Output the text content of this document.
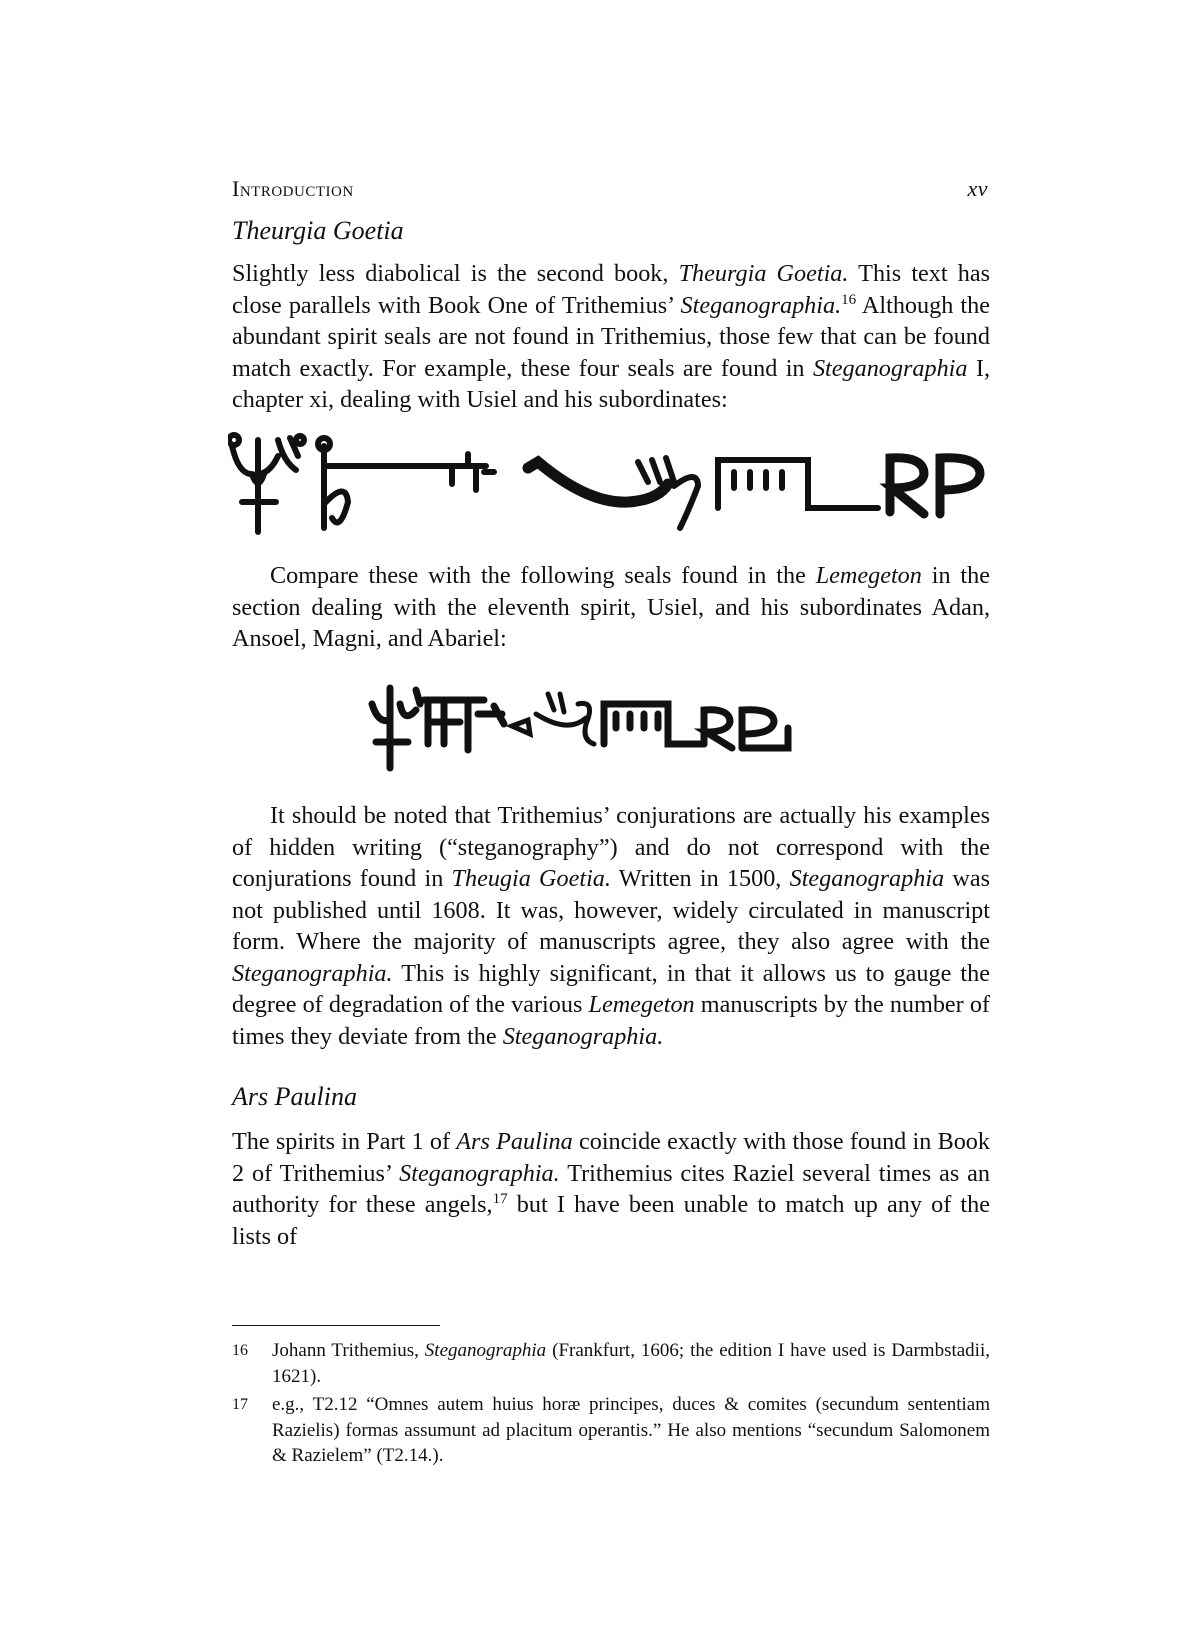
Introduction	xv
Theurgia Goetia

Slightly less diabolical is the second book, Theurgia Goetia. This text has close parallels with Book One of Trithemius’ Steganographia.$^{16}$ Although the abundant spirit seals are not found in Trithemius, those few that can be found match exactly. For example, these four seals are found in Steganographia I, chapter xi, dealing with Usiel and his subordinates:

Compare these with the following seals found in the Lemegeton in the section dealing with the eleventh spirit, Usiel, and his subordinates Adan, Ansoel, Magni, and Abariel:

It should be noted that Trithemius’ conjurations are actually his examples of hidden writing (“steganography”) and do not correspond with the conjurations found in Theugia Goetia. Written in 1500, Steganographia was not published until 1608. It was, however, widely circulated in manuscript form. Where the majority of manuscripts agree, they also agree with the Steganographia. This is highly significant, in that it allows us to gauge the degree of degradation of the various Lemegeton manuscripts by the number of times they deviate from the Steganographia.

Ars Paulina

The spirits in Part 1 of Ars Paulina coincide exactly with those found in Book 2 of Trithemius’ Steganographia. Trithemius cites Raziel several times as an authority for these angels,$^{17}$ but I have been unable to match up any of the lists of

16 Johann Trithemius, Steganographia (Frankfurt, 1606; the edition I have used is Darmbstadii, 1621).
17 e.g., T2.12 “Omnes autem huius horæ principes, duces & comites (secundum sententiam Razielis) formas assumunt ad placitum operantis.” He also mentions “secundum Salomonem & Razielem” (T2.14.).
